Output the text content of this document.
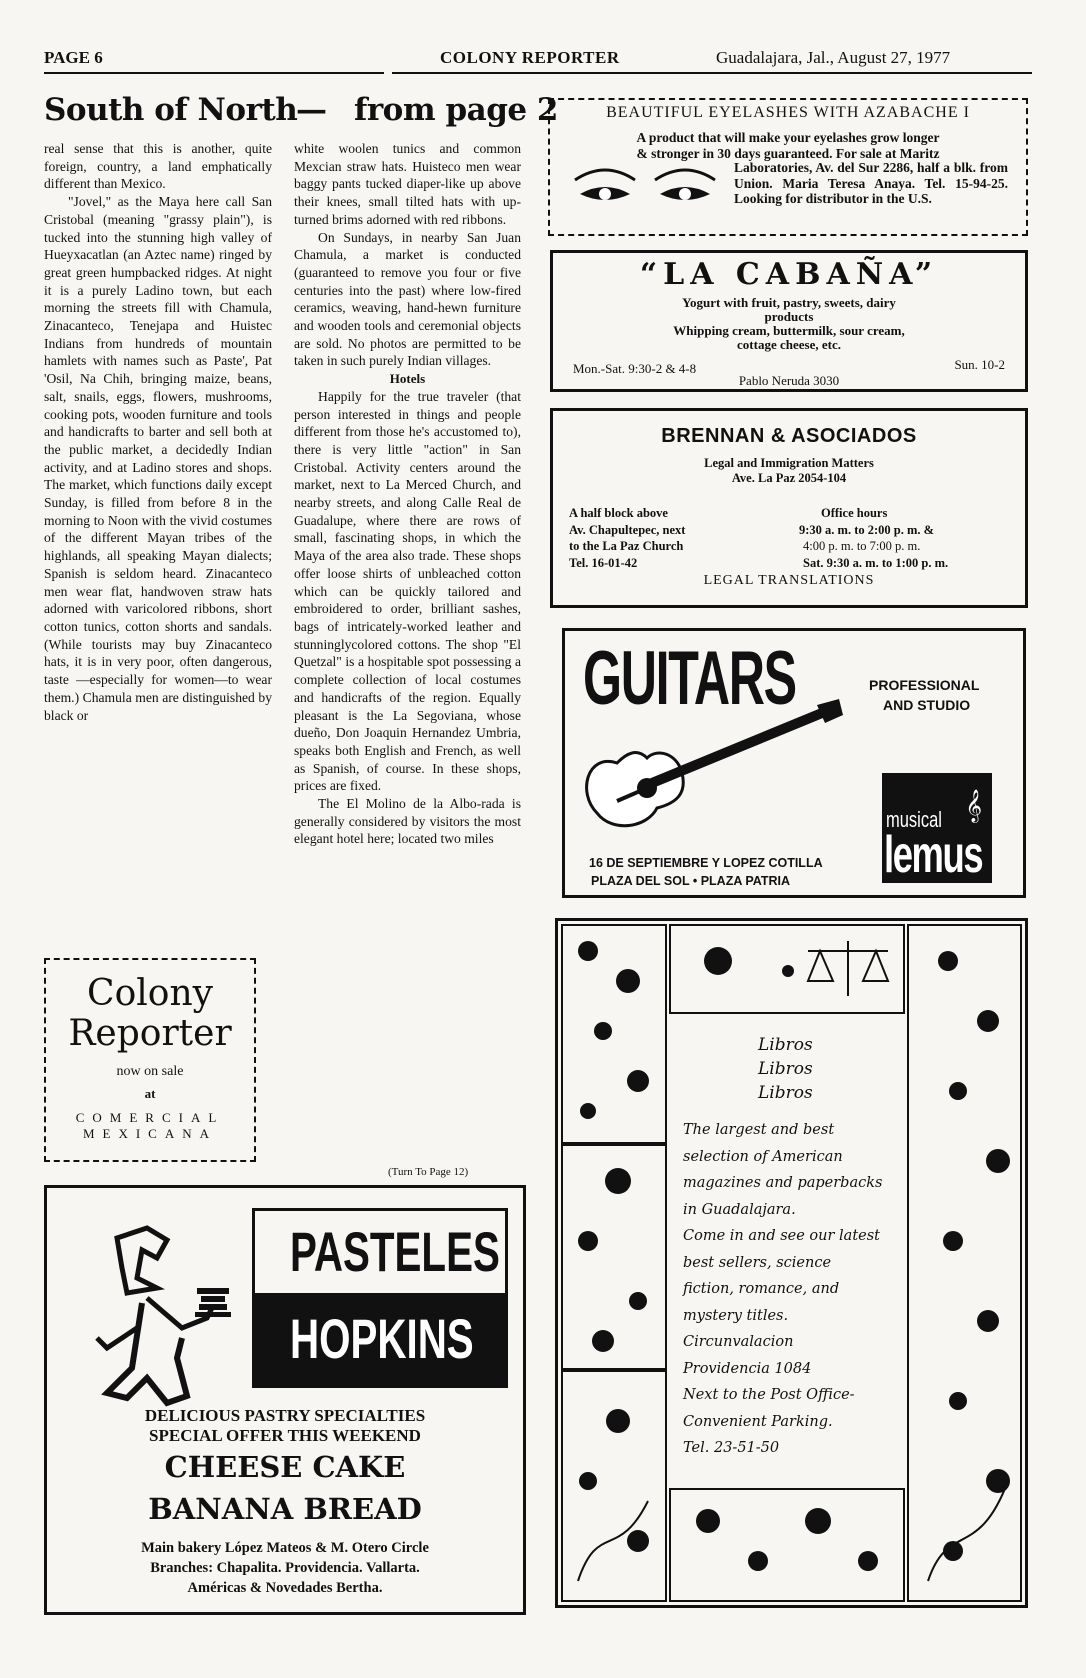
PAGE 6	COLONY REPORTER	Guadalajara, Jal., August 27, 1977
South of North
— from page 2

real sense that this is another, quite foreign, country, a land emphatically different than Mexico.

"Jovel," as the Maya here call San Cristobal (meaning "grassy plain"), is tucked into the stunning high valley of Hueyxacatlan (an Aztec name) ringed by great green humpbacked ridges. At night it is a purely Ladino town, but each morning the streets fill with Chamula, Zinacanteco, Tenejapa and Huistec Indians from hundreds of mountain hamlets with names such as Paste', Pat 'Osil, Na Chih, bringing maize, beans, salt, snails, eggs, flowers, mushrooms, cooking pots, wooden furniture and tools and handicrafts to barter and sell both at the public market, a decidedly Indian activity, and at Ladino stores and shops. The market, which functions daily except Sunday, is filled from before 8 in the morning to Noon with the vivid costumes of the different Mayan tribes of the highlands, all speaking Mayan dialects; Spanish is seldom heard. Zinacanteco men wear flat, handwoven straw hats adorned with varicolored ribbons, short cotton tunics, cotton shorts and sandals. (While tourists may buy Zinacanteco hats, it is in very poor, often dangerous, taste —especially for women—to wear them.) Chamula men are distinguished by black or

white woolen tunics and common Mexcian straw hats. Huisteco men wear baggy pants tucked diaper-like up above their knees, small tilted hats with up-turned brims adorned with red ribbons.

On Sundays, in nearby San Juan Chamula, a market is conducted (guaranteed to remove you four or five centuries into the past) where low-fired ceramics, weaving, hand-hewn furniture and wooden tools and ceremonial objects are sold. No photos are permitted to be taken in such purely Indian villages.

Hotels

Happily for the true traveler (that person interested in things and people different from those he's accustomed to), there is very little "action" in San Cristobal. Activity centers around the market, next to La Merced Church, and nearby streets, and along Calle Real de Guadalupe, where there are rows of small, fascinating shops, in which the Maya of the area also trade. These shops offer loose shirts of unbleached cotton which can be quickly tailored and embroidered to order, brilliant sashes, bags of intricately-worked leather and stunninglycolored cottons. The shop "El Quetzal" is a hospitable spot possessing a complete collection of local costumes and handicrafts of the region. Equally pleasant is the La Segoviana, whose dueño, Don Joaquin Hernandez Umbria, speaks both English and French, as well as Spanish, of course. In these shops, prices are fixed.

The El Molino de la Albo-rada is generally considered by visitors the most elegant hotel here; located two miles

(Turn To Page 12)
Colony
Reporter
now on sale
at
COMERCIAL
MEXICANA
PASTELES
HOPKINS
DELICIOUS PASTRY SPECIALTIES
SPECIAL OFFER THIS WEEKEND
CHEESE CAKE
BANANA BREAD
Main bakery López Mateos & M. Otero Circle
Branches: Chapalita. Providencia. Vallarta.
Américas & Novedades Bertha.
BEAUTIFUL EYELASHES WITH AZABACHE I
A product that will make your eyelashes grow longer
& stronger in 30 days guaranteed. For sale at Maritz
Laboratories, Av. del Sur 2286, half a blk. from Union. Maria Teresa Anaya. Tel. 15-94-25. Looking for distributor in the U.S.
“LA CABAÑA”
Yogurt with fruit, pastry, sweets, dairy
products
Whipping cream, buttermilk, sour cream,
cottage cheese, etc.
Mon.-Sat. 9:30-2 & 4-8	Sun. 10-2
Pablo Neruda 3030
BRENNAN & ASOCIADOS
Legal and Immigration Matters
Ave. La Paz 2054-104
A half block above
Av. Chapultepec, next
to the La Paz Church
Tel. 16-01-42
Office hours
9:30 a. m. to 2:00 p. m. &
4:00 p. m. to 7:00 p. m.
Sat. 9:30 a. m. to 1:00 p. m.
LEGAL TRANSLATIONS
GUITARS	PROFESSIONAL
AND STUDIO
16 DE SEPTIEMBRE Y LOPEZ COTILLA
PLAZA DEL SOL • PLAZA PATRIA
musical 𝄞
lemus
Libros
Libros
Libros
The largest and best
selection of American
magazines and paperbacks
in Guadalajara.
Come in and see our latest
best sellers, science
fiction, romance, and
mystery titles.
Circunvalacion
Providencia 1084
Next to the Post Office-
Convenient Parking.
Tel. 23-51-50
